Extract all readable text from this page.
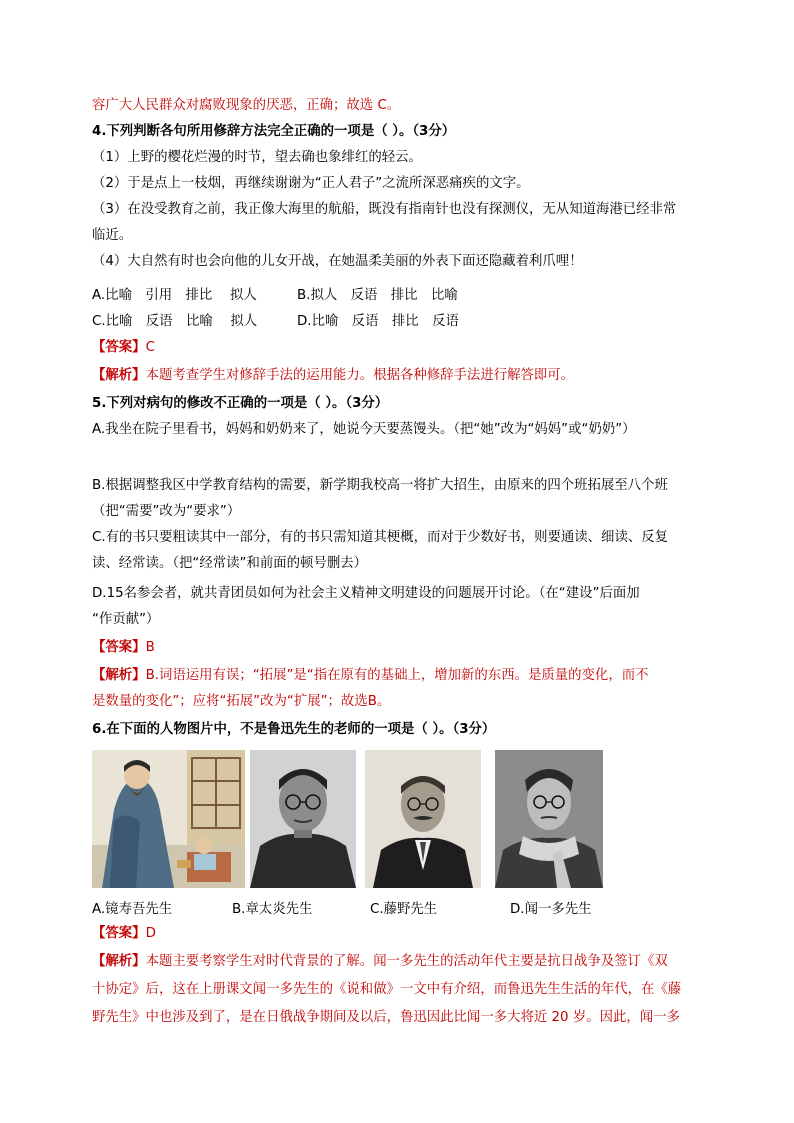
容广大人民群众对腐败现象的厌恶，正确；故选 C。
4.下列判断各句所用修辞方法完全正确的一项是（ ）。（3分）
（1）上野的樱花烂漫的时节，望去确也象绯红的轻云。
（2）于是点上一枝烟，再继续谢谢为“正人君子”之流所深恶痛疾的文字。
（3）在没受教育之前，我正像大海里的航船，既没有指南针也没有探测仪，无从知道海港已经非常
临近。
（4）大自然有时也会向他的儿女开战，在她温柔美丽的外表下面还隐藏着利爪哩！
A.比喻　引用　排比　 拟人	B.拟人　反语　排比　比喻
C.比喻　反语　比喻　 拟人	D.比喻　反语　排比　反语
【答案】C
【解析】本题考查学生对修辞手法的运用能力。根据各种修辞手法进行解答即可。
5.下列对病句的修改不正确的一项是（ ）。（3分）
A.我坐在院子里看书，妈妈和奶奶来了，她说今天要蒸馒头。（把“她”改为“妈妈”或“奶奶”）
B.根据调整我区中学教育结构的需要，新学期我校高一将扩大招生，由原来的四个班拓展至八个班
（把“需要”改为“要求”）
C.有的书只要粗读其中一部分，有的书只需知道其梗概，而对于少数好书，则要通读、细读、反复
读、经常读。（把“经常读”和前面的顿号删去）
D.15名参会者，就共青团员如何为社会主义精神文明建设的问题展开讨论。（在“建设”后面加
“作贡献”）
【答案】B
【解析】B.词语运用有误；“拓展”是“指在原有的基础上，增加新的东西。是质量的变化，而不
是数量的变化”；应将“拓展”改为“扩展”；故选B。
6.在下面的人物图片中，不是鲁迅先生的老师的一项是（ ）。（3分）
A.镜寿吾先生	B.章太炎先生	C.藤野先生	D.闻一多先生
【答案】D
【解析】本题主要考察学生对时代背景的了解。闻一多先生的活动年代主要是抗日战争及签订《双
十协定》后，这在上册课文闻一多先生的《说和做》一文中有介绍，而鲁迅先生生活的年代，在《藤
野先生》中也涉及到了，是在日俄战争期间及以后，鲁迅因此比闻一多大将近 20 岁。因此，闻一多
